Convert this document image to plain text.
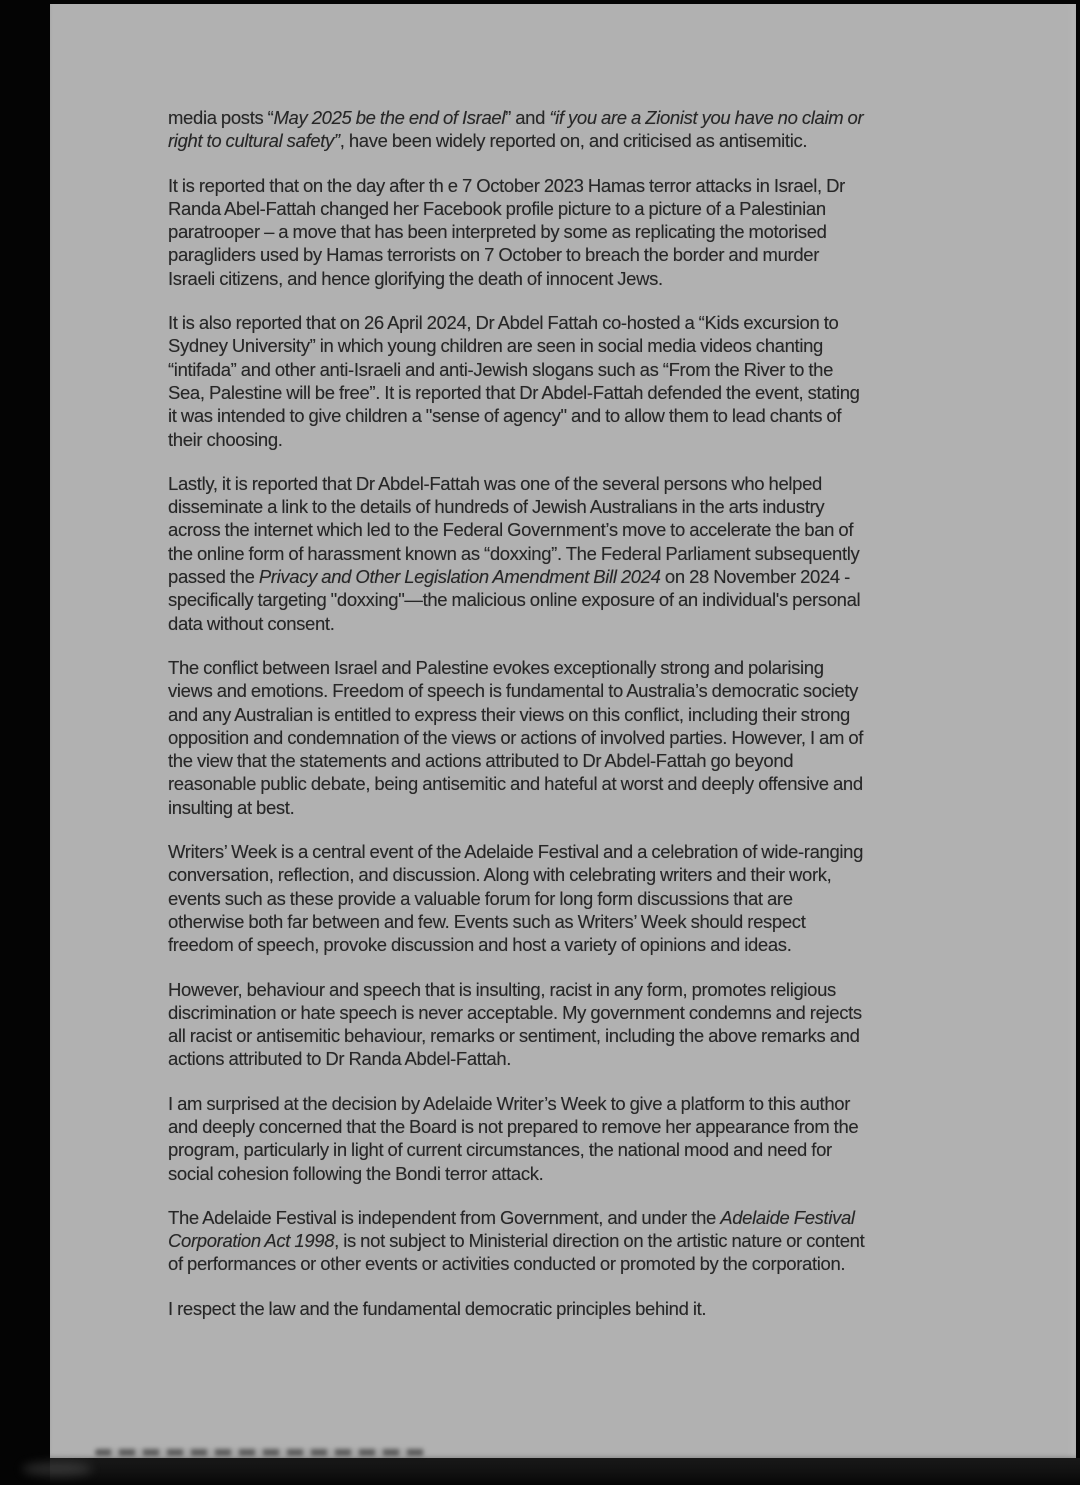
media posts “May 2025 be the end of Israel” and “if you are a Zionist you have no claim or
right to cultural safety”, have been widely reported on, and criticised as antisemitic.

It is reported that on the day after th e 7 October 2023 Hamas terror attacks in Israel, Dr
Randa Abel-Fattah changed her Facebook profile picture to a picture of a Palestinian
paratrooper – a move that has been interpreted by some as replicating the motorised
paragliders used by Hamas terrorists on 7 October to breach the border and murder
Israeli citizens, and hence glorifying the death of innocent Jews.

It is also reported that on 26 April 2024, Dr Abdel Fattah co-hosted a “Kids excursion to
Sydney University” in which young children are seen in social media videos chanting
“intifada” and other anti-Israeli and anti-Jewish slogans such as “From the River to the
Sea, Palestine will be free”. It is reported that Dr Abdel-Fattah defended the event, stating
it was intended to give children a "sense of agency" and to allow them to lead chants of
their choosing.

Lastly, it is reported that Dr Abdel-Fattah was one of the several persons who helped
disseminate a link to the details of hundreds of Jewish Australians in the arts industry
across the internet which led to the Federal Government’s move to accelerate the ban of
the online form of harassment known as “doxxing”. The Federal Parliament subsequently
passed the Privacy and Other Legislation Amendment Bill 2024 on 28 November 2024 -
specifically targeting "doxxing"—the malicious online exposure of an individual's personal
data without consent.

The conflict between Israel and Palestine evokes exceptionally strong and polarising
views and emotions. Freedom of speech is fundamental to Australia’s democratic society
and any Australian is entitled to express their views on this conflict, including their strong
opposition and condemnation of the views or actions of involved parties. However, I am of
the view that the statements and actions attributed to Dr Abdel-Fattah go beyond
reasonable public debate, being antisemitic and hateful at worst and deeply offensive and
insulting at best.

Writers’ Week is a central event of the Adelaide Festival and a celebration of wide-ranging
conversation, reflection, and discussion. Along with celebrating writers and their work,
events such as these provide a valuable forum for long form discussions that are
otherwise both far between and few. Events such as Writers’ Week should respect
freedom of speech, provoke discussion and host a variety of opinions and ideas.

However, behaviour and speech that is insulting, racist in any form, promotes religious
discrimination or hate speech is never acceptable. My government condemns and rejects
all racist or antisemitic behaviour, remarks or sentiment, including the above remarks and
actions attributed to Dr Randa Abdel-Fattah.

I am surprised at the decision by Adelaide Writer’s Week to give a platform to this author
and deeply concerned that the Board is not prepared to remove her appearance from the
program, particularly in light of current circumstances, the national mood and need for
social cohesion following the Bondi terror attack.

The Adelaide Festival is independent from Government, and under the Adelaide Festival
Corporation Act 1998, is not subject to Ministerial direction on the artistic nature or content
of performances or other events or activities conducted or promoted by the corporation.

I respect the law and the fundamental democratic principles behind it.
